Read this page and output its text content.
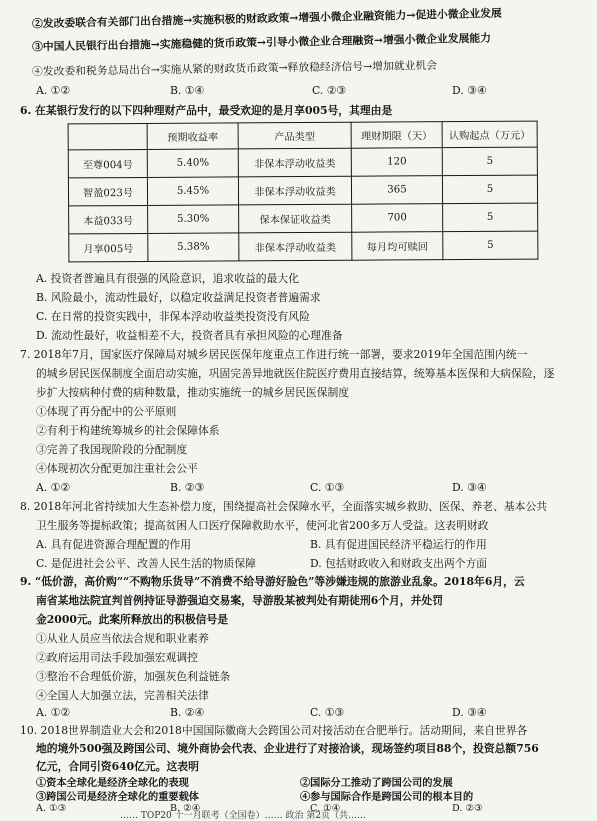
②发改委联合有关部门出台措施→实施积极的财政政策→增强小微企业融资能力→促进小微企业发展
③中国人民银行出台措施→实施稳健的货币政策→引导小微企业合理融资→增强小微企业发展能力
④发改委和税务总局出台→实施从紧的财政货币政策→释放稳经济信号→增加就业机会
A. ①②	B. ①④	C. ②③	D. ③④
6. 在某银行发行的以下四种理财产品中，最受欢迎的是月享005号，其理由是
	预期收益率	产品类型	理财期限（天）	认购起点（万元）
至尊004号	5.40%	非保本浮动收益类	120	5
智盈023号	5.45%	非保本浮动收益类	365	5
本益033号	5.30%	保本保证收益类	700	5
月享005号	5.38%	非保本浮动收益类	每月均可赎回	5
A. 投资者普遍具有很强的风险意识，追求收益的最大化
B. 风险最小，流动性最好，以稳定收益满足投资者普遍需求
C. 在日常的投资实践中，非保本浮动收益类投资没有风险
D. 流动性最好，收益相差不大，投资者具有承担风险的心理准备
7. 2018年7月，国家医疗保障局对城乡居民医保年度重点工作进行统一部署，要求2019年全国范围内统一
的城乡居民医保制度全面启动实施，巩固完善异地就医住院医疗费用直接结算，统筹基本医保和大病保险，逐
步扩大按病种付费的病种数量，推动实施统一的城乡居民医保制度
①体现了再分配中的公平原则
②有利于构建统筹城乡的社会保障体系
③完善了我国现阶段的分配制度
④体现初次分配更加注重社会公平
A. ①②	B. ②③	C. ①③	D. ③④
8. 2018年河北省持续加大生态补偿力度，围绕提高社会保障水平，全面落实城乡救助、医保、养老、基本公共
卫生服务等提标政策；提高贫困人口医疗保障救助水平，使河北省200多万人受益。这表明财政
A. 具有促进资源合理配置的作用	B. 具有促进国民经济平稳运行的作用
C. 是促进社会公平、改善人民生活的物质保障	D. 包括财政收入和财政支出两个方面
9. “低价游，高价购”“不购物乐货导”不消费不给导游好脸色”等涉嫌违规的旅游业乱象。2018年6月，云
南省某地法院宣判首例持证导游强迫交易案，导游殷某被判处有期徒刑6个月，并处罚
金2000元。此案所释放出的积极信号是
①从业人员应当依法合规和职业素养
②政府运用司法手段加强宏观调控
③整治不合理低价游，加强灰色利益链条
④全国人大加强立法，完善相关法律
A. ①②	B. ②④	C. ①③	D. ③④
10. 2018世界制造业大会和2018中国国际徽商大会跨国公司对接活动在合肥举行。活动期间，来自世界各
地的境外500强及跨国公司、境外商协会代表、企业进行了对接洽谈，现场签约项目88个，投资总额756
亿元，合同引资640亿元。这表明
①资本全球化是经济全球化的表现	②国际分工推动了跨国公司的发展
③跨国公司是经济全球化的重要载体	④参与国际合作是跨国公司的根本目的
A. ①③	B. ②④	C. ①④	D. ②③
…… TOP20 十一月联考（全国卷）…… 政治 第2页（共……
